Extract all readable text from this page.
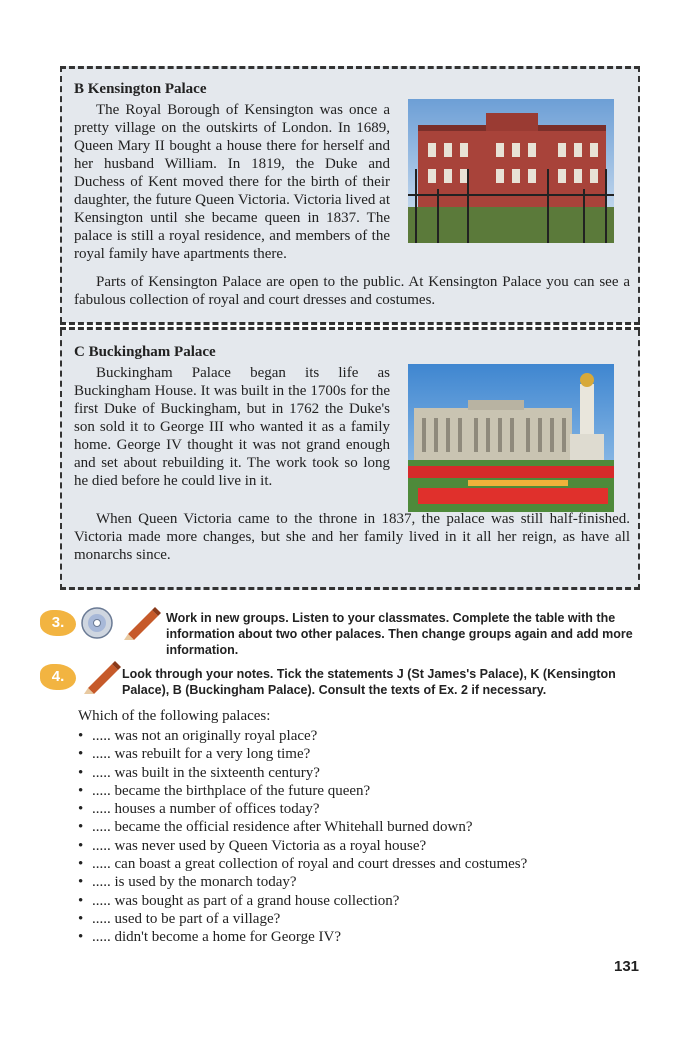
B Kensington Palace

The Royal Borough of Kensington was once a pretty village on the outskirts of London. In 1689, Queen Mary II bought a house there for herself and her husband William. In 1819, the Duke and Duchess of Kent moved there for the birth of their daughter, the future Queen Victoria. Victoria lived at Kensington until she became queen in 1837. The palace is still a royal residence, and members of the royal family have apartments there.

Parts of Kensington Palace are open to the public. At Kensington Palace you can see a fabulous collection of royal and court dresses and costumes.

C Buckingham Palace

Buckingham Palace began its life as Buckingham House. It was built in the 1700s for the first Duke of Buckingham, but in 1762 the Duke's son sold it to George III who wanted it as a family home. George IV thought it was not grand enough and set about rebuilding it. The work took so long he died before he could live in it.

When Queen Victoria came to the throne in 1837, the palace was still half-finished. Victoria made more changes, but she and her family lived in it all her reign, as have all monarchs since.

3.	Work in new groups. Listen to your classmates. Complete the table with the information about two other palaces. Then change groups again and add more information.

4.	Look through your notes. Tick the statements J (St James's Palace), K (Kensington Palace), B (Buckingham Palace). Consult the texts of Ex. 2 if necessary.

Which of the following palaces:
• ..... was not an originally royal place?
• ..... was rebuilt for a very long time?
• ..... was built in the sixteenth century?
• ..... became the birthplace of the future queen?
• ..... houses a number of offices today?
• ..... became the official residence after Whitehall burned down?
• ..... was never used by Queen Victoria as a royal house?
• ..... can boast a great collection of royal and court dresses and costumes?
• ..... is used by the monarch today?
• ..... was bought as part of a grand house collection?
• ..... used to be part of a village?
• ..... didn't become a home for George IV?
131
